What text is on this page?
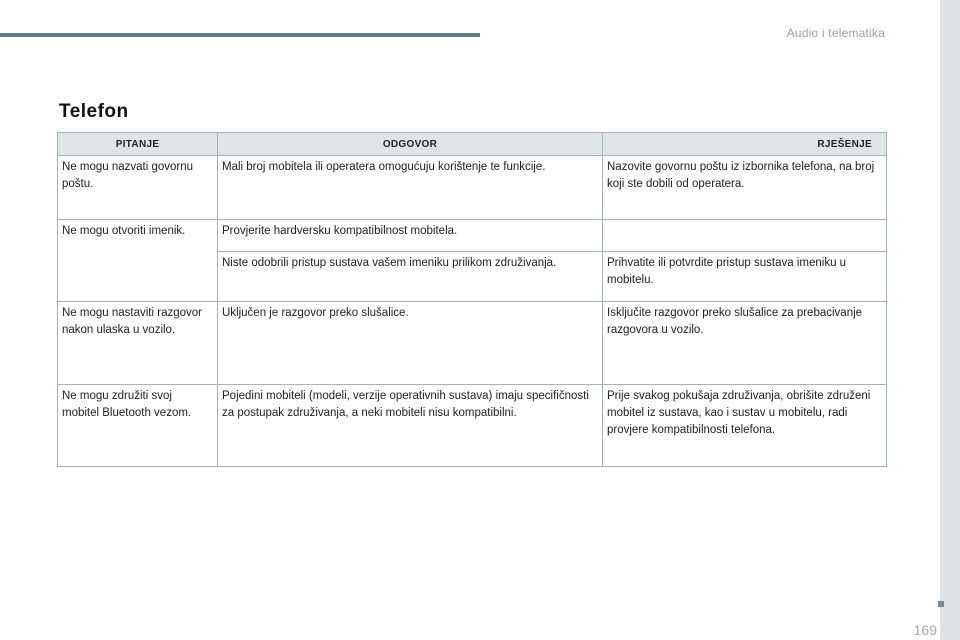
Audio i telematika
Telefon
PITANJE	ODGOVOR	RJEŠENJE
Ne mogu nazvati govornu poštu.	Mali broj mobitela ili operatera omogućuju korištenje te funkcije.	Nazovite govornu poštu iz izbornika telefona, na broj koji ste dobili od operatera.
Ne mogu otvoriti imenik.	Provjerite hardversku kompatibilnost mobitela.	
	Niste odobrili pristup sustava vašem imeniku prilikom združivanja.	Prihvatite ili potvrdite pristup sustava imeniku u mobitelu.
Ne mogu nastaviti razgovor nakon ulaska u vozilo.	Uključen je razgovor preko slušalice.	Isključite razgovor preko slušalice za prebacivanje razgovora u vozilo.
Ne mogu združiti svoj mobitel Bluetooth vezom.	Pojedini mobiteli (modeli, verzije operativnih sustava) imaju specifičnosti za postupak združivanja, a neki mobiteli nisu kompatibilni.	Prije svakog pokušaja združivanja, obrišite združeni mobitel iz sustava, kao i sustav u mobitelu, radi provjere kompatibilnosti telefona.
169
